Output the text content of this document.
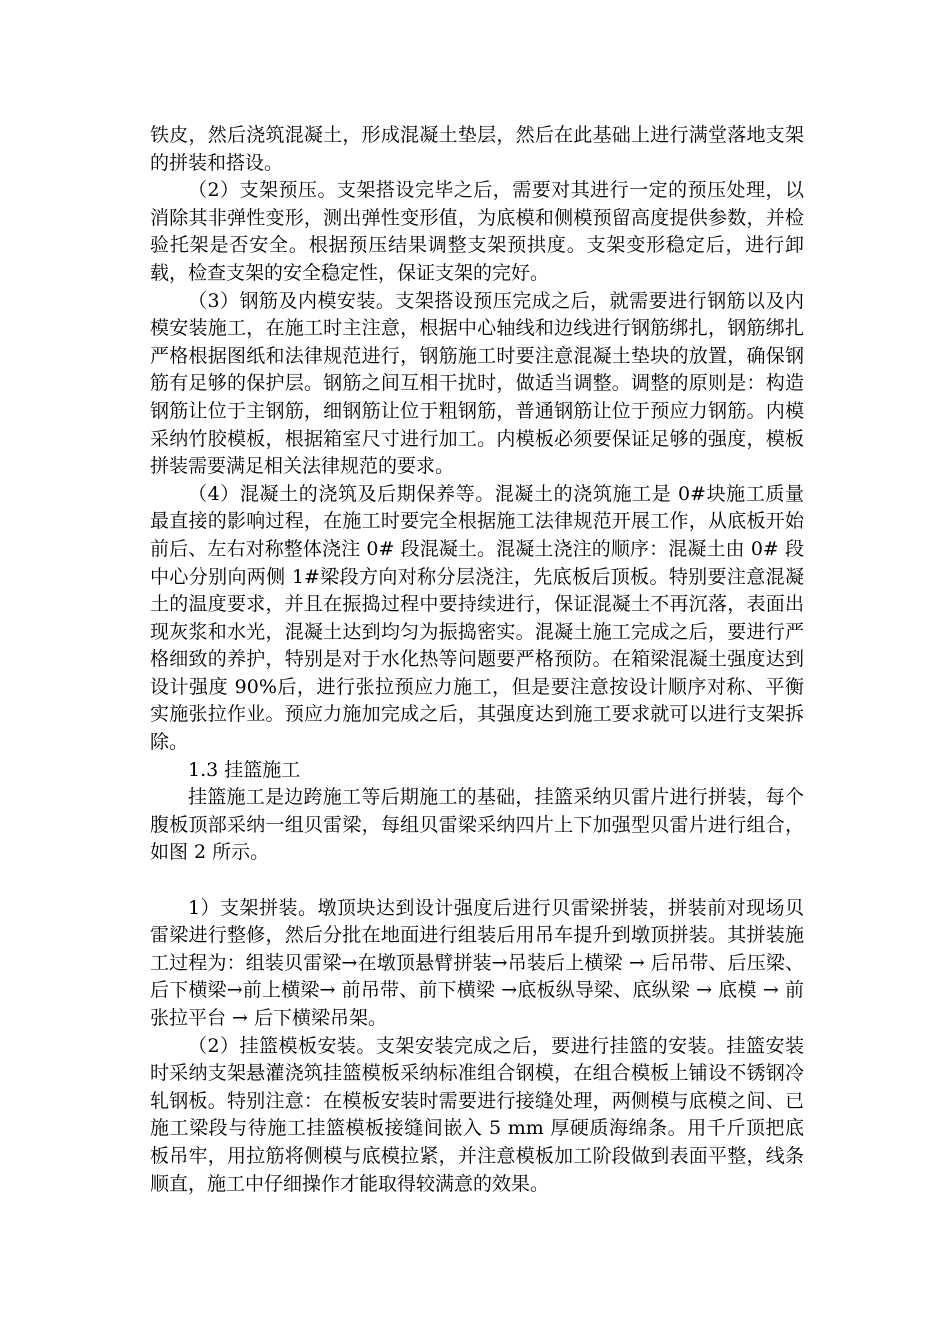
铁皮，然后浇筑混凝土，形成混凝土垫层，然后在此基础上进行满堂落地支架的拼装和搭设。

（2）支架预压。支架搭设完毕之后，需要对其进行一定的预压处理，以消除其非弹性变形，测出弹性变形值，为底模和侧模预留高度提供参数，并检验托架是否安全。根据预压结果调整支架预拱度。支架变形稳定后，进行卸载，检查支架的安全稳定性，保证支架的完好。

（3）钢筋及内模安装。支架搭设预压完成之后，就需要进行钢筋以及内模安装施工，在施工时主注意，根据中心轴线和边线进行钢筋绑扎，钢筋绑扎严格根据图纸和法律规范进行，钢筋施工时要注意混凝土垫块的放置，确保钢筋有足够的保护层。钢筋之间互相干扰时，做适当调整。调整的原则是：构造钢筋让位于主钢筋，细钢筋让位于粗钢筋，普通钢筋让位于预应力钢筋。内模采纳竹胶模板，根据箱室尺寸进行加工。内模板必须要保证足够的强度，模板拼装需要满足相关法律规范的要求。

（4）混凝土的浇筑及后期保养等。混凝土的浇筑施工是 0#块施工质量最直接的影响过程，在施工时要完全根据施工法律规范开展工作，从底板开始前后、左右对称整体浇注 0# 段混凝土。混凝土浇注的顺序：混凝土由 0# 段中心分别向两侧 1#梁段方向对称分层浇注，先底板后顶板。特别要注意混凝土的温度要求，并且在振捣过程中要持续进行，保证混凝土不再沉落，表面出现灰浆和水光，混凝土达到均匀为振捣密实。混凝土施工完成之后，要进行严格细致的养护，特别是对于水化热等问题要严格预防。在箱梁混凝土强度达到设计强度 90%后，进行张拉预应力施工，但是要注意按设计顺序对称、平衡实施张拉作业。预应力施加完成之后，其强度达到施工要求就可以进行支架拆除。

1.3 挂篮施工

挂篮施工是边跨施工等后期施工的基础，挂篮采纳贝雷片进行拼装，每个腹板顶部采纳一组贝雷梁，每组贝雷梁采纳四片上下加强型贝雷片进行组合，如图 2 所示。

1）支架拼装。墩顶块达到设计强度后进行贝雷梁拼装，拼装前对现场贝雷梁进行整修，然后分批在地面进行组装后用吊车提升到墩顶拼装。其拼装施工过程为：组装贝雷梁→在墩顶悬臂拼装→吊装后上横梁 → 后吊带、后压梁、后下横梁→前上横梁→ 前吊带、前下横梁 →底板纵导梁、底纵梁 → 底模 → 前张拉平台 → 后下横梁吊架。

（2）挂篮模板安装。支架安装完成之后，要进行挂篮的安装。挂篮安装时采纳支架悬灌浇筑挂篮模板采纳标准组合钢模，在组合模板上铺设不锈钢冷轧钢板。特别注意：在模板安装时需要进行接缝处理，两侧模与底模之间、已施工梁段与待施工挂篮模板接缝间嵌入 5 mm 厚硬质海绵条。用千斤顶把底板吊牢，用拉筋将侧模与底模拉紧，并注意模板加工阶段做到表面平整，线条顺直，施工中仔细操作才能取得较满意的效果。
